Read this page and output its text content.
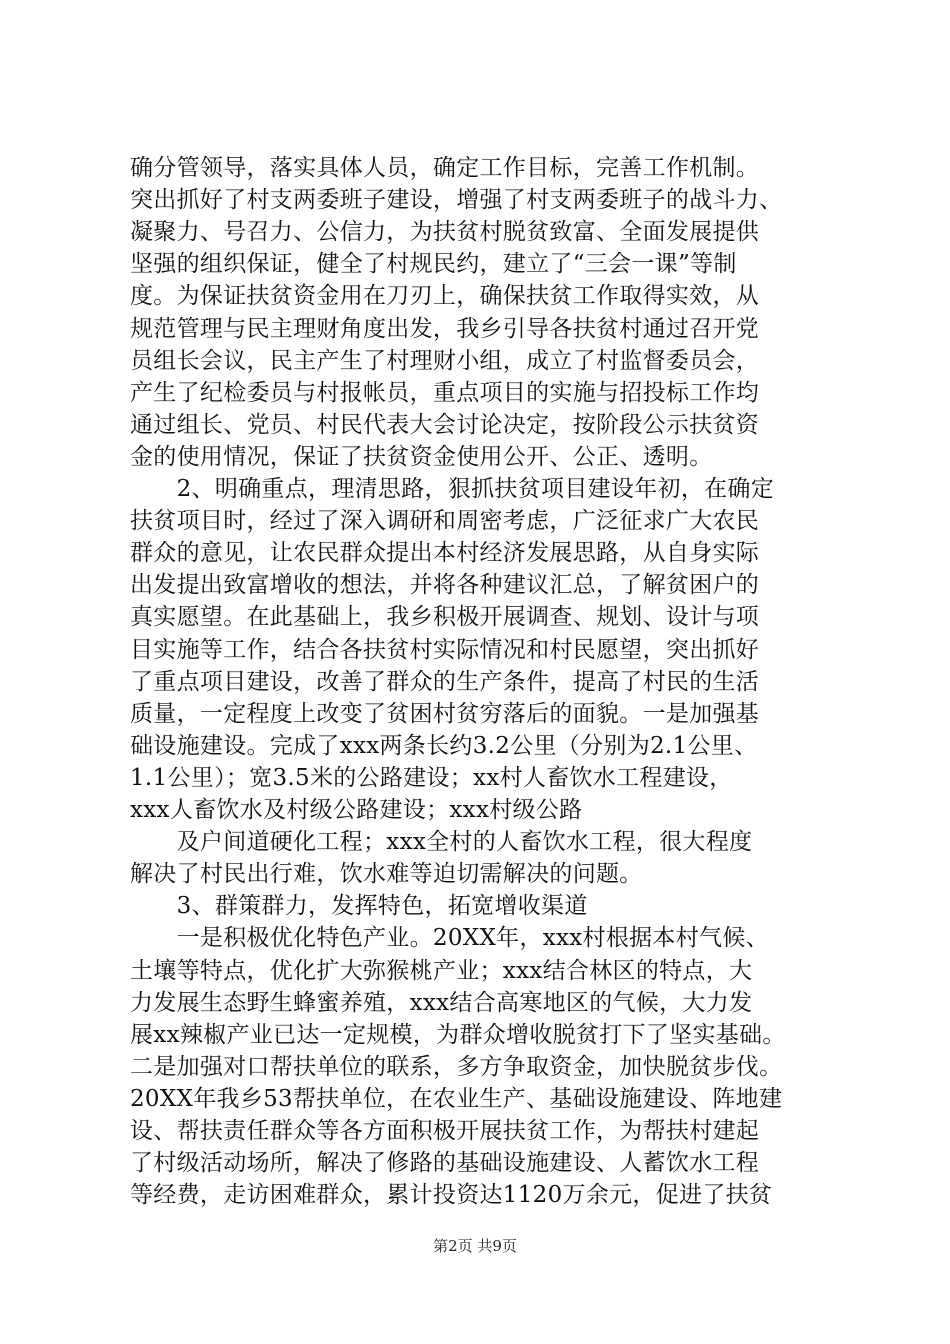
确分管领导，落实具体人员，确定工作目标，完善工作机制。
突出抓好了村支两委班子建设，增强了村支两委班子的战斗力、
凝聚力、号召力、公信力，为扶贫村脱贫致富、全面发展提供
坚强的组织保证，健全了村规民约，建立了“三会一课”等制
度。为保证扶贫资金用在刀刃上，确保扶贫工作取得实效，从
规范管理与民主理财角度出发，我乡引导各扶贫村通过召开党
员组长会议，民主产生了村理财小组，成立了村监督委员会，
产生了纪检委员与村报帐员，重点项目的实施与招投标工作均
通过组长、党员、村民代表大会讨论决定，按阶段公示扶贫资
金的使用情况，保证了扶贫资金使用公开、公正、透明。
　　2、明确重点，理清思路，狠抓扶贫项目建设年初，在确定
扶贫项目时，经过了深入调研和周密考虑，广泛征求广大农民
群众的意见，让农民群众提出本村经济发展思路，从自身实际
出发提出致富增收的想法，并将各种建议汇总，了解贫困户的
真实愿望。在此基础上，我乡积极开展调查、规划、设计与项
目实施等工作，结合各扶贫村实际情况和村民愿望，突出抓好
了重点项目建设，改善了群众的生产条件，提高了村民的生活
质量，一定程度上改变了贫困村贫穷落后的面貌。一是加强基
础设施建设。完成了xxx两条长约3.2公里（分别为2.1公里、
1.1公里）；宽3.5米的公路建设；xx村人畜饮水工程建设，
xxx人畜饮水及村级公路建设；xxx村级公路
　　及户间道硬化工程；xxx全村的人畜饮水工程，很大程度
解决了村民出行难，饮水难等迫切需解决的问题。
　　3、群策群力，发挥特色，拓宽增收渠道
　　一是积极优化特色产业。20XX年，xxx村根据本村气候、
土壤等特点，优化扩大弥猴桃产业；xxx结合林区的特点，大
力发展生态野生蜂蜜养殖，xxx结合高寒地区的气候，大力发
展xx辣椒产业已达一定规模，为群众增收脱贫打下了坚实基础。
二是加强对口帮扶单位的联系，多方争取资金，加快脱贫步伐。
20XX年我乡53帮扶单位，在农业生产、基础设施建设、阵地建
设、帮扶责任群众等各方面积极开展扶贫工作，为帮扶村建起
了村级活动场所，解决了修路的基础设施建设、人蓄饮水工程
等经费，走访困难群众，累计投资达1120万余元，促进了扶贫
第2页 共9页
